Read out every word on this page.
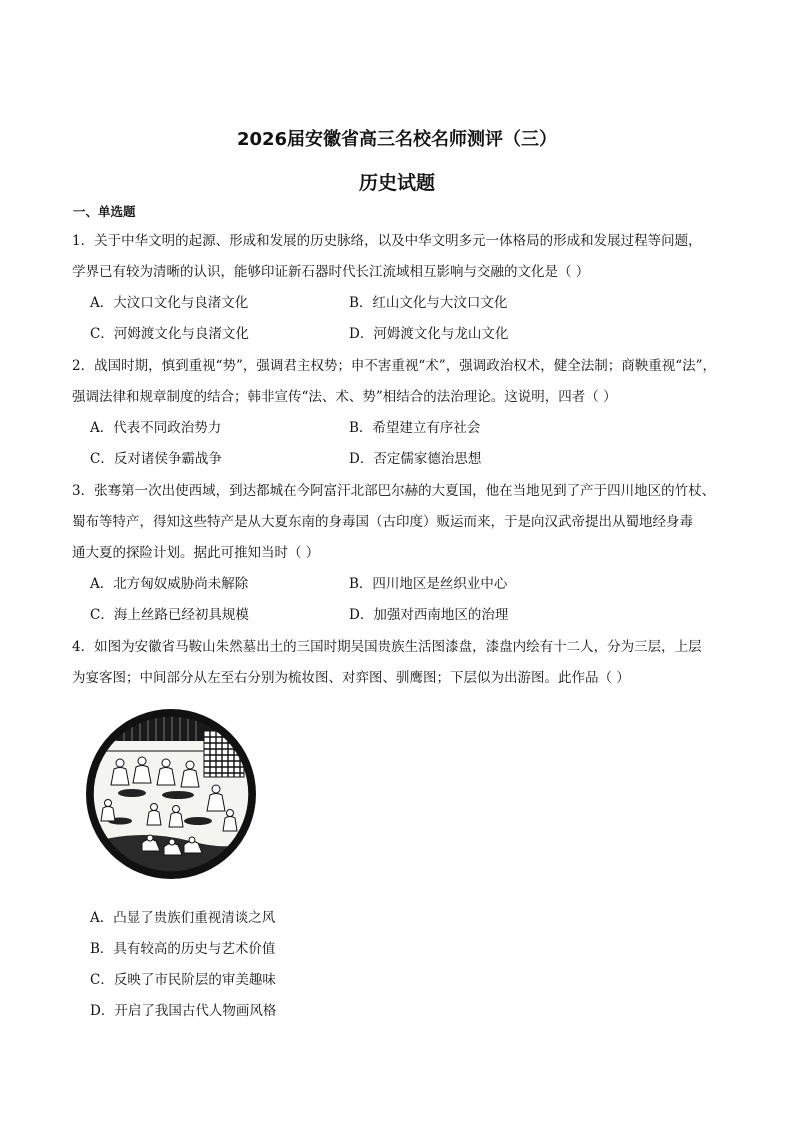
2026届安徽省高三名校名师测评（三）
历史试题
一、单选题
1．关于中华文明的起源、形成和发展的历史脉络，以及中华文明多元一体格局的形成和发展过程等问题，
学界已有较为清晰的认识，能够印证新石器时代长江流域相互影响与交融的文化是（ ）
A．大汶口文化与良渚文化	B．红山文化与大汶口文化
C．河姆渡文化与良渚文化	D．河姆渡文化与龙山文化
2．战国时期，慎到重视“势”，强调君主权势；申不害重视“术”，强调政治权术，健全法制；商鞅重视“法”，
强调法律和规章制度的结合；韩非宣传“法、术、势”相结合的法治理论。这说明，四者（ ）
A．代表不同政治势力	B．希望建立有序社会
C．反对诸侯争霸战争	D．否定儒家德治思想
3．张骞第一次出使西域，到达都城在今阿富汗北部巴尔赫的大夏国，他在当地见到了产于四川地区的竹杖、
蜀布等特产，得知这些特产是从大夏东南的身毒国（古印度）贩运而来，于是向汉武帝提出从蜀地经身毒
通大夏的探险计划。据此可推知当时（ ）
A．北方匈奴威胁尚未解除	B．四川地区是丝织业中心
C．海上丝路已经初具规模	D．加强对西南地区的治理
4．如图为安徽省马鞍山朱然墓出土的三国时期吴国贵族生活图漆盘，漆盘内绘有十二人，分为三层，上层
为宴客图；中间部分从左至右分别为梳妆图、对弈图、驯鹰图；下层似为出游图。此作品（ ）
A．凸显了贵族们重视清谈之风
B．具有较高的历史与艺术价值
C．反映了市民阶层的审美趣味
D．开启了我国古代人物画风格
